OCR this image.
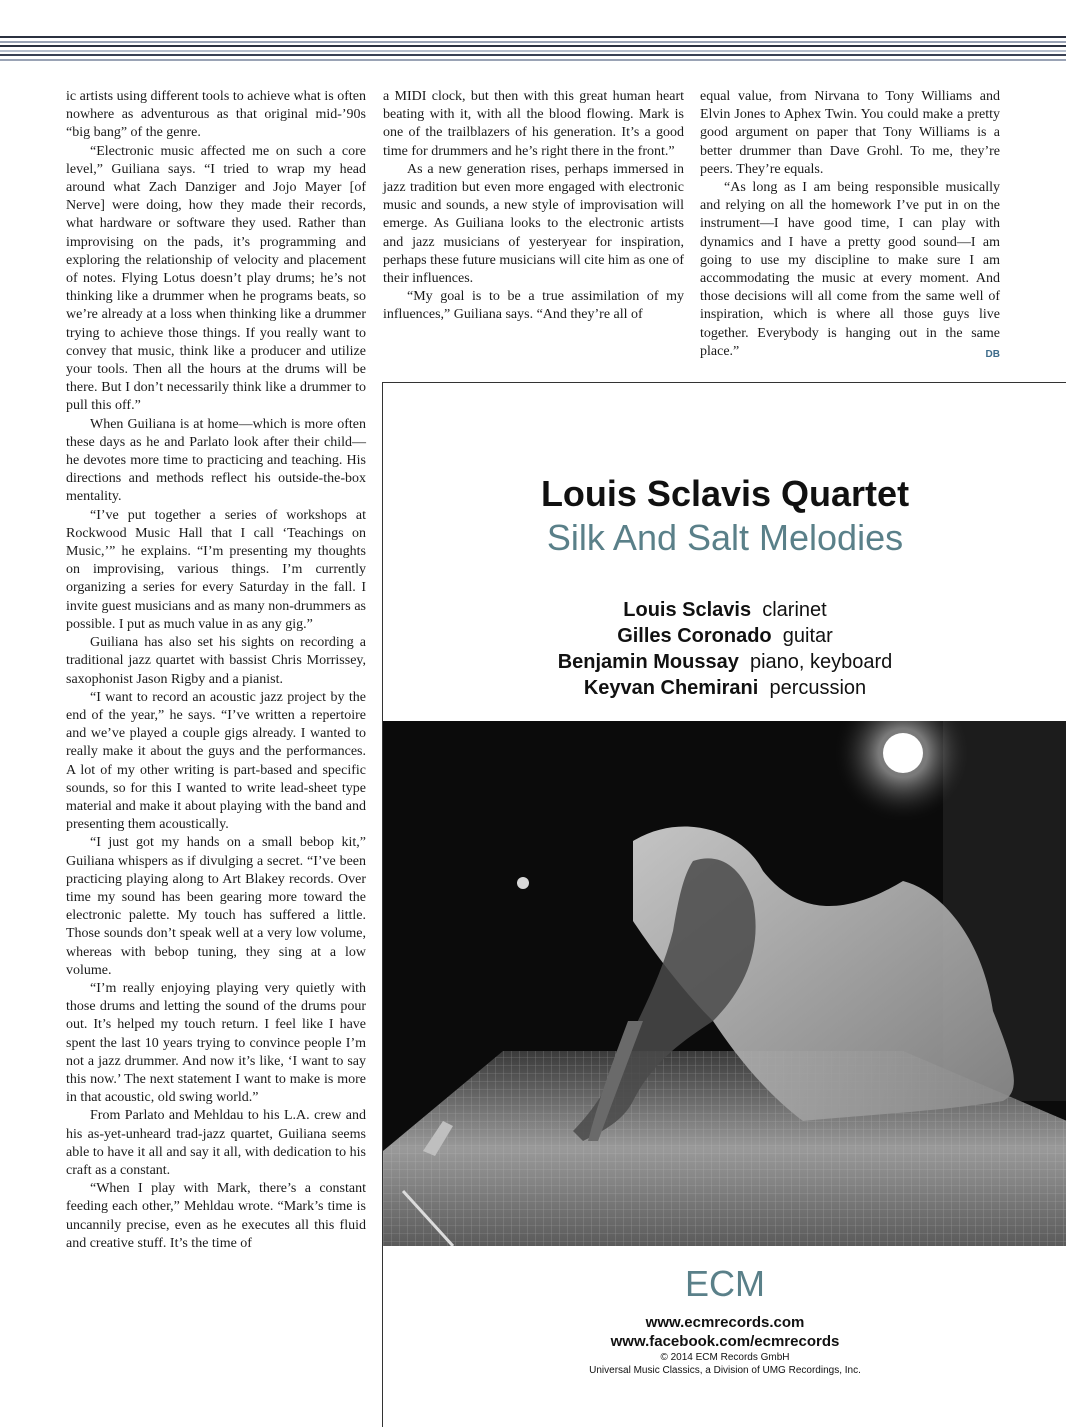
ic artists using different tools to achieve what is often nowhere as adventurous as that original mid-’90s “big bang” of the genre.

“Electronic music affected me on such a core level,” Guiliana says. “I tried to wrap my head around what Zach Danziger and Jojo Mayer [of Nerve] were doing, how they made their records, what hardware or software they used. Rather than improvising on the pads, it’s programming and exploring the relationship of velocity and placement of notes. Flying Lotus doesn’t play drums; he’s not thinking like a drummer when he programs beats, so we’re already at a loss when thinking like a drummer trying to achieve those things. If you really want to convey that music, think like a producer and utilize your tools. Then all the hours at the drums will be there. But I don’t necessarily think like a drummer to pull this off.”

When Guiliana is at home—which is more often these days as he and Parlato look after their child—he devotes more time to practicing and teaching. His directions and methods reflect his outside-the-box mentality.

“I’ve put together a series of workshops at Rockwood Music Hall that I call ‘Teachings on Music,’” he explains. “I’m presenting my thoughts on improvising, various things. I’m currently organizing a series for every Saturday in the fall. I invite guest musicians and as many non-drummers as possible. I put as much value in as any gig.”

Guiliana has also set his sights on recording a traditional jazz quartet with bassist Chris Morrissey, saxophonist Jason Rigby and a pianist.

“I want to record an acoustic jazz project by the end of the year,” he says. “I’ve written a repertoire and we’ve played a couple gigs already. I wanted to really make it about the guys and the performances. A lot of my other writing is part-based and specific sounds, so for this I wanted to write lead-sheet type material and make it about playing with the band and presenting them acoustically.

“I just got my hands on a small bebop kit,” Guiliana whispers as if divulging a secret. “I’ve been practicing playing along to Art Blakey records. Over time my sound has been gearing more toward the electronic palette. My touch has suffered a little. Those sounds don’t speak well at a very low volume, whereas with bebop tuning, they sing at a low volume.

“I’m really enjoying playing very quietly with those drums and letting the sound of the drums pour out. It’s helped my touch return. I feel like I have spent the last 10 years trying to convince people I’m not a jazz drummer. And now it’s like, ‘I want to say this now.’ The next statement I want to make is more in that acoustic, old swing world.”

From Parlato and Mehldau to his L.A. crew and his as-yet-unheard trad-jazz quartet, Guiliana seems able to have it all and say it all, with dedication to his craft as a constant.

“When I play with Mark, there’s a constant feeding each other,” Mehldau wrote. “Mark’s time is uncannily precise, even as he executes all this fluid and creative stuff. It’s the time of

a MIDI clock, but then with this great human heart beating with it, with all the blood flowing. Mark is one of the trailblazers of his generation. It’s a good time for drummers and he’s right there in the front.”

As a new generation rises, perhaps immersed in jazz tradition but even more engaged with electronic music and sounds, a new style of improvisation will emerge. As Guiliana looks to the electronic artists and jazz musicians of yesteryear for inspiration, perhaps these future musicians will cite him as one of their influences.

“My goal is to be a true assimilation of my influences,” Guiliana says. “And they’re all of

equal value, from Nirvana to Tony Williams and Elvin Jones to Aphex Twin. You could make a pretty good argument on paper that Tony Williams is a better drummer than Dave Grohl. To me, they’re peers. They’re equals.

“As long as I am being responsible musically and relying on all the homework I’ve put in on the instrument—I have good time, I can play with dynamics and I have a pretty good sound—I am going to use my discipline to make sure I am accommodating the music at every moment. And those decisions will all come from the same well of inspiration, which is where all those guys live together. Everybody is hanging out in the same place.”	DB

Louis Sclavis Quartet
Silk And Salt Melodies
Louis Sclavis clarinet
Gilles Coronado guitar
Benjamin Moussay piano, keyboard
Keyvan Chemirani percussion
ECM
www.ecmrecords.com
www.facebook.com/ecmrecords
© 2014 ECM Records GmbH
Universal Music Classics, a Division of UMG Recordings, Inc.
